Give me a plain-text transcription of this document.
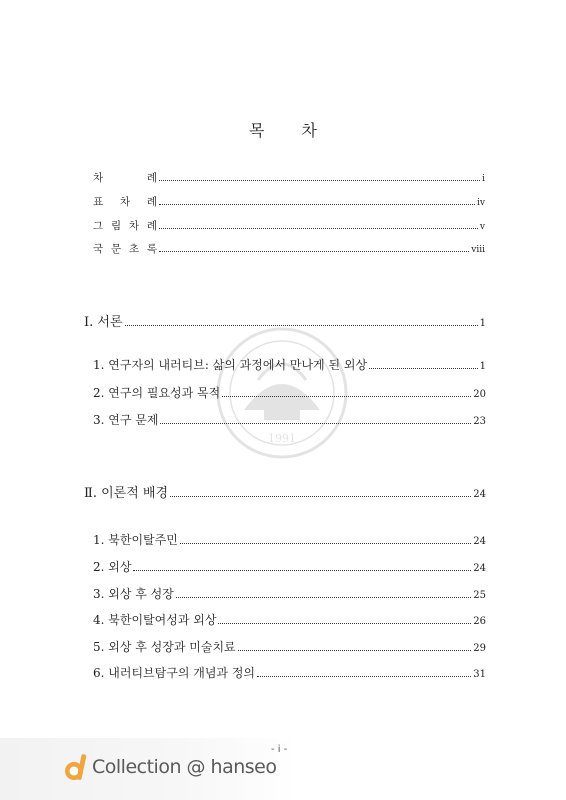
목 차
차	례	i
표 차 례	iv
그 림 차 례	v
국 문 초 록	viii
1991
Ⅰ. 서론	1
1. 연구자의 내러티브: 삶의 과정에서 만나게 된 외상	1
2. 연구의 필요성과 목적	20
3. 연구 문제	23
Ⅱ. 이론적 배경	24
1. 북한이탈주민	24
2. 외상	24
3. 외상 후 성장	25
4. 북한이탈여성과 외상	26
5. 외상 후 성장과 미술치료	29
6. 내러티브탐구의 개념과 정의	31
- i -
Collection @ hanseo
